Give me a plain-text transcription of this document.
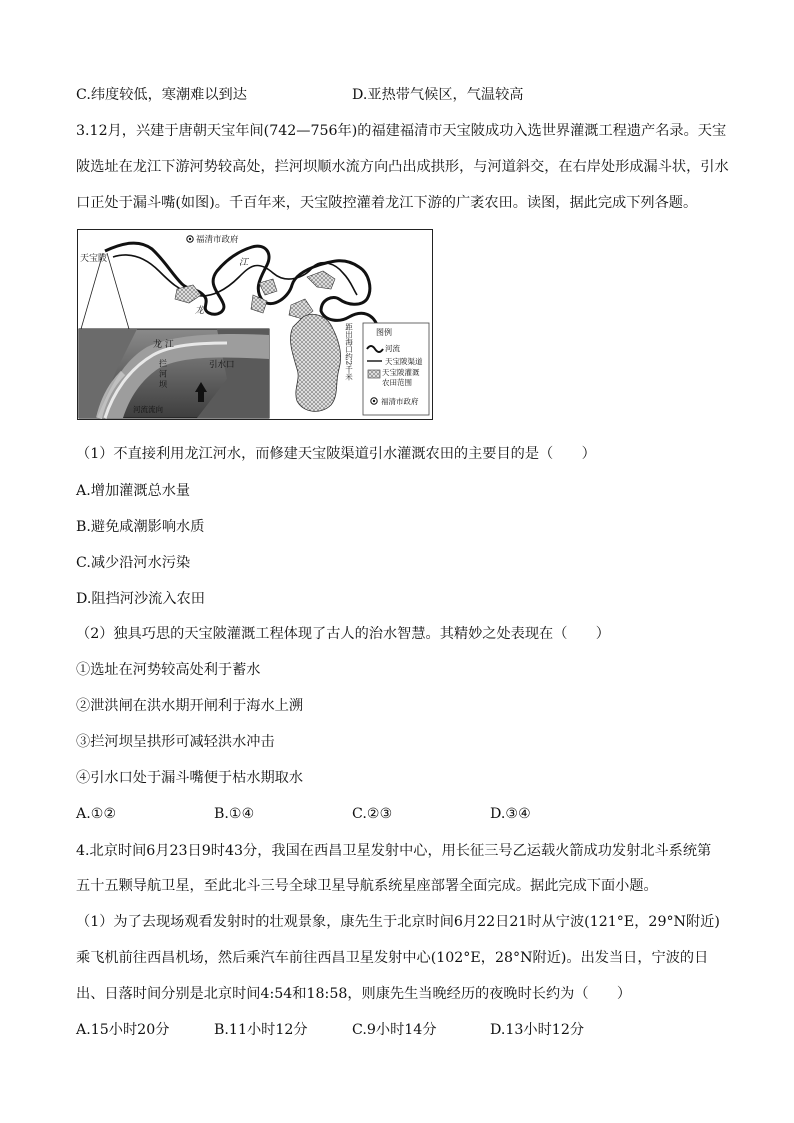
C.纬度较低，寒潮难以到达	D.亚热带气候区，气温较高
3.12月，兴建于唐朝天宝年间(742—756年)的福建福清市天宝陂成功入选世界灌溉工程遗产名录。天宝
陂选址在龙江下游河势较高处，拦河坝顺水流方向凸出成拱形，与河道斜交，在右岸处形成漏斗状，引水
口正处于漏斗嘴(如图)。千百年来，天宝陂控灌着龙江下游的广袤农田。读图，据此完成下列各题。
福清市政府
天宝陂
龙
江
距出海口约2千米	图例
河流
天宝陂渠道
天宝陂灌溉农田范围
福清市政府
龙 江
拦 河 坝	引水口
河流流向
（1）不直接利用龙江河水，而修建天宝陂渠道引水灌溉农田的主要目的是（　　）
A.增加灌溉总水量
B.避免咸潮影响水质
C.减少沿河水污染
D.阻挡河沙流入农田
（2）独具巧思的天宝陂灌溉工程体现了古人的治水智慧。其精妙之处表现在（　　）
①选址在河势较高处利于蓄水
②泄洪闸在洪水期开闸利于海水上溯
③拦河坝呈拱形可减轻洪水冲击
④引水口处于漏斗嘴便于枯水期取水
A.①②	B.①④	C.②③	D.③④
4.北京时间6月23日9时43分，我国在西昌卫星发射中心，用长征三号乙运载火箭成功发射北斗系统第
五十五颗导航卫星，至此北斗三号全球卫星导航系统星座部署全面完成。据此完成下面小题。
（1）为了去现场观看发射时的壮观景象，康先生于北京时间6月22日21时从宁波(121°E，29°N附近)
乘飞机前往西昌机场，然后乘汽车前往西昌卫星发射中心(102°E，28°N附近)。出发当日，宁波的日
出、日落时间分别是北京时间4:54和18:58，则康先生当晚经历的夜晚时长约为（　　）
A.15小时20分	B.11小时12分	C.9小时14分	D.13小时12分
